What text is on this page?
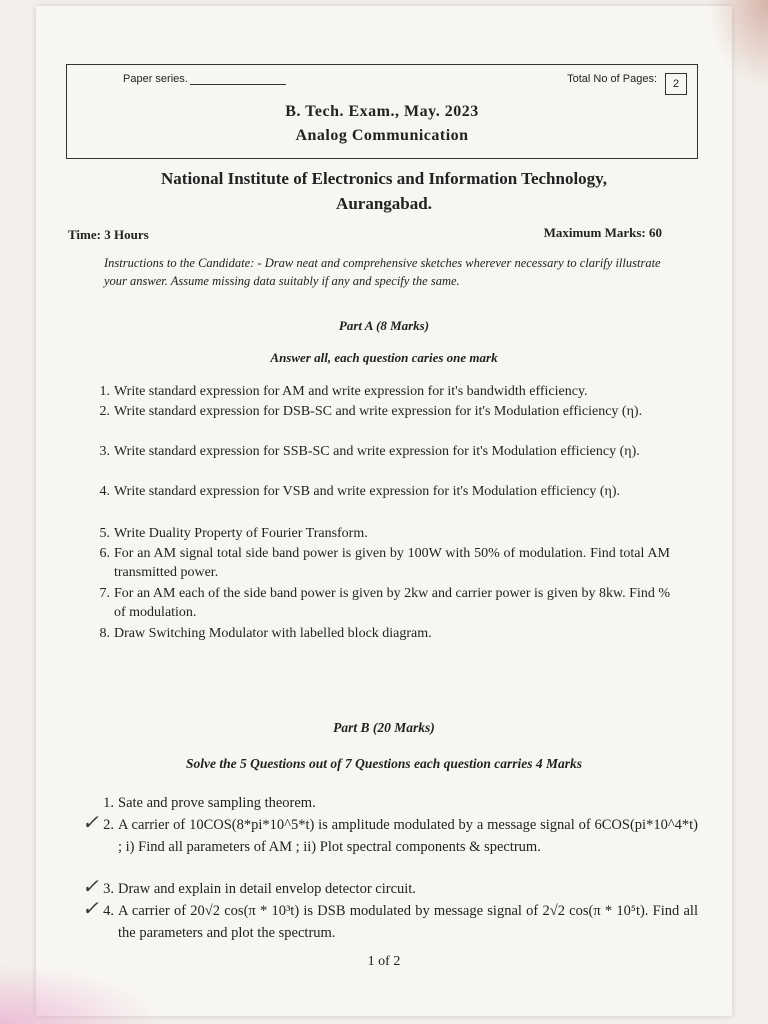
Paper series.	Total No of Pages:	2
B. Tech. Exam., May. 2023
Analog Communication
National Institute of Electronics and Information Technology,
Aurangabad.
Time: 3 Hours	Maximum Marks: 60
Instructions to the Candidate: - Draw neat and comprehensive sketches wherever necessary to clarify illustrate your answer. Assume missing data suitably if any and specify the same.
Part A (8 Marks)
Answer all, each question caries one mark
1. Write standard expression for AM and write expression for it's bandwidth efficiency.
2. Write standard expression for DSB-SC and write expression for it's Modulation efficiency (η).
3. Write standard expression for SSB-SC and write expression for it's Modulation efficiency (η).
4. Write standard expression for VSB and write expression for it's Modulation efficiency (η).
5. Write Duality Property of Fourier Transform.
6. For an AM signal total side band power is given by 100W with 50% of modulation. Find total AM transmitted power.
7. For an AM each of the side band power is given by 2kw and carrier power is given by 8kw. Find % of modulation.
8. Draw Switching Modulator with labelled block diagram.
Part B (20 Marks)
Solve the 5 Questions out of 7 Questions each question carries 4 Marks
1. Sate and prove sampling theorem.
✓ 2. A carrier of 10COS(8*pi*10^5*t) is amplitude modulated by a message signal of 6COS(pi*10^4*t) ; i) Find all parameters of AM ; ii) Plot spectral components & spectrum.
✓ 3. Draw and explain in detail envelop detector circuit.
✓ 4. A carrier of 20√2 cos(π * 10³t) is DSB modulated by message signal of 2√2 cos(π * 10⁵t). Find all the parameters and plot the spectrum.
1 of 2
